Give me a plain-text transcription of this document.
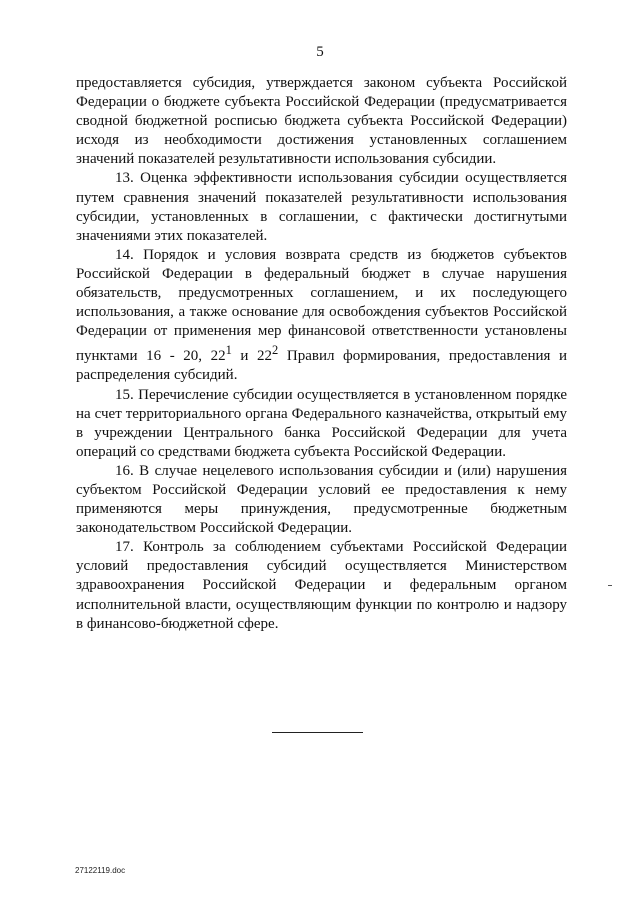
5

предоставляется субсидия, утверждается законом субъекта Российской Федерации о бюджете субъекта Российской Федерации (предусматривается сводной бюджетной росписью бюджета субъекта Российской Федерации) исходя из необходимости достижения установленных соглашением значений показателей результативности использования субсидии.

13. Оценка эффективности использования субсидии осуществляется путем сравнения значений показателей результативности использования субсидии, установленных в соглашении, с фактически достигнутыми значениями этих показателей.

14. Порядок и условия возврата средств из бюджетов субъектов Российской Федерации в федеральный бюджет в случае нарушения обязательств, предусмотренных соглашением, и их последующего использования, а также основание для освобождения субъектов Российской Федерации от применения мер финансовой ответственности установлены пунктами 16 - 20, $22^1$ и $22^2$ Правил формирования, предоставления и распределения субсидий.

15. Перечисление субсидии осуществляется в установленном порядке на счет территориального органа Федерального казначейства, открытый ему в учреждении Центрального банка Российской Федерации для учета операций со средствами бюджета субъекта Российской Федерации.

16. В случае нецелевого использования субсидии и (или) нарушения субъектом Российской Федерации условий ее предоставления к нему применяются меры принуждения, предусмотренные бюджетным законодательством Российской Федерации.

17. Контроль за соблюдением субъектами Российской Федерации условий предоставления субсидий осуществляется Министерством здравоохранения Российской Федерации и федеральным органом исполнительной власти, осуществляющим функции по контролю и надзору в финансово-бюджетной сфере.

27122119.doc
